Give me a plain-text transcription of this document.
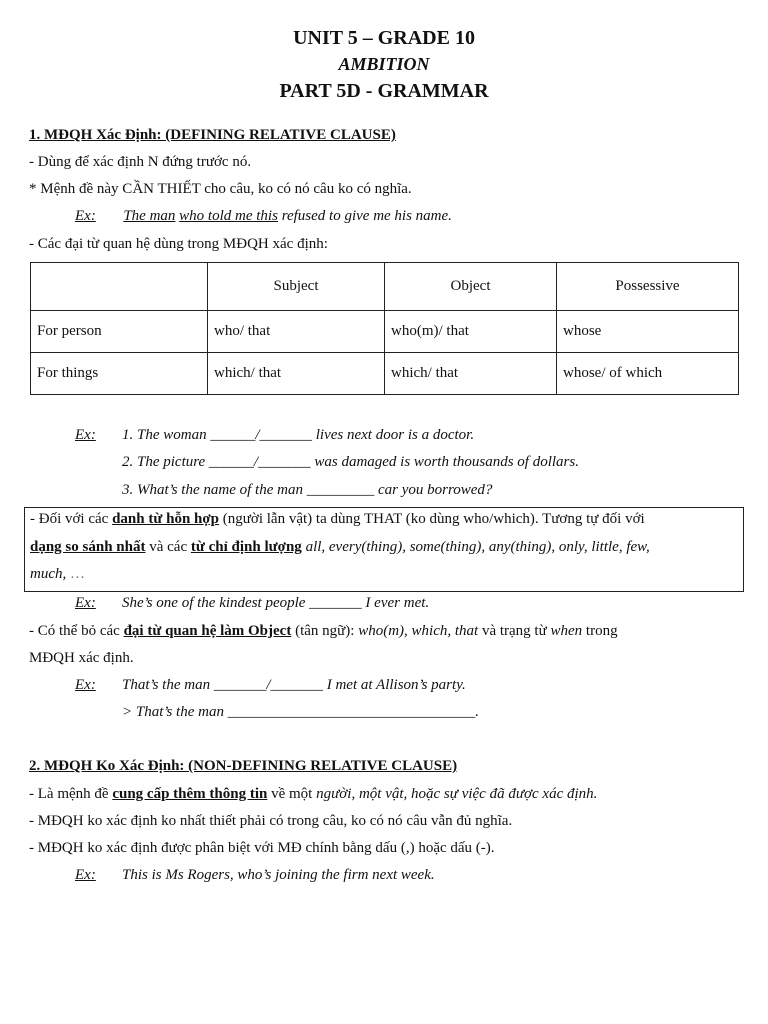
UNIT 5 – GRADE 10
AMBITION
PART 5D - GRAMMAR
1. MĐQH Xác Định: (DEFINING RELATIVE CLAUSE)
- Dùng để xác định N đứng trước nó.
* Mệnh đề này CẦN THIẾT cho câu, ko có nó câu ko có nghĩa.
Ex: The man who told me this refused to give me his name.
- Các đại từ quan hệ dùng trong MĐQH xác định:
	Subject	Object	Possessive
For person	who/ that	who(m)/ that	whose
For things	which/ that	which/ that	whose/ of which
Ex: 1. The woman ______/_______ lives next door is a doctor.
2. The picture ______/_______ was damaged is worth thousands of dollars.
3. What’s the name of the man _________ car you borrowed?
- Đối với các danh từ hỗn hợp (người lẫn vật) ta dùng THAT (ko dùng who/which). Tương tự đối với
dạng so sánh nhất và các từ chỉ định lượng all, every(thing), some(thing), any(thing), only, little, few,
much, …
Ex: She’s one of the kindest people _______ I ever met.
- Có thể bỏ các đại từ quan hệ làm Object (tân ngữ): who(m), which, that và trạng từ when trong
MĐQH xác định.
Ex: That’s the man _______/_______ I met at Allison’s party.
> That’s the man _________________________________.
2. MĐQH Ko Xác Định: (NON-DEFINING RELATIVE CLAUSE)
- Là mệnh đề cung cấp thêm thông tin về một người, một vật, hoặc sự việc đã được xác định.
- MĐQH ko xác định ko nhất thiết phải có trong câu, ko có nó câu vẫn đủ nghĩa.
- MĐQH ko xác định được phân biệt với MĐ chính bằng dấu (,) hoặc dấu (-).
Ex: This is Ms Rogers, who’s joining the firm next week.
